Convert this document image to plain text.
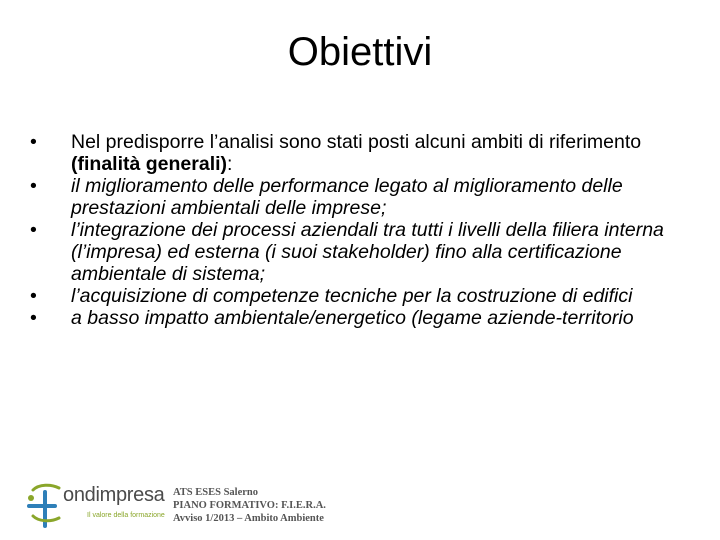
Obiettivi
•	Nel predisporre l’analisi sono stati posti alcuni ambiti di riferimento (finalità generali):
•	il miglioramento delle performance legato al miglioramento delle prestazioni ambientali delle imprese;
•	l’integrazione dei processi aziendali tra tutti i livelli della filiera interna (l’impresa) ed esterna (i suoi stakeholder) fino alla certificazione ambientale di sistema;
•	l’acquisizione di competenze tecniche per la costruzione di edifici
•	a basso impatto ambientale/energetico (legame aziende-territorio
ondimpresa
Il valore della formazione
ATS ESES Salerno
PIANO FORMATIVO: F.I.E.R.A.
Avviso 1/2013 – Ambito Ambiente
